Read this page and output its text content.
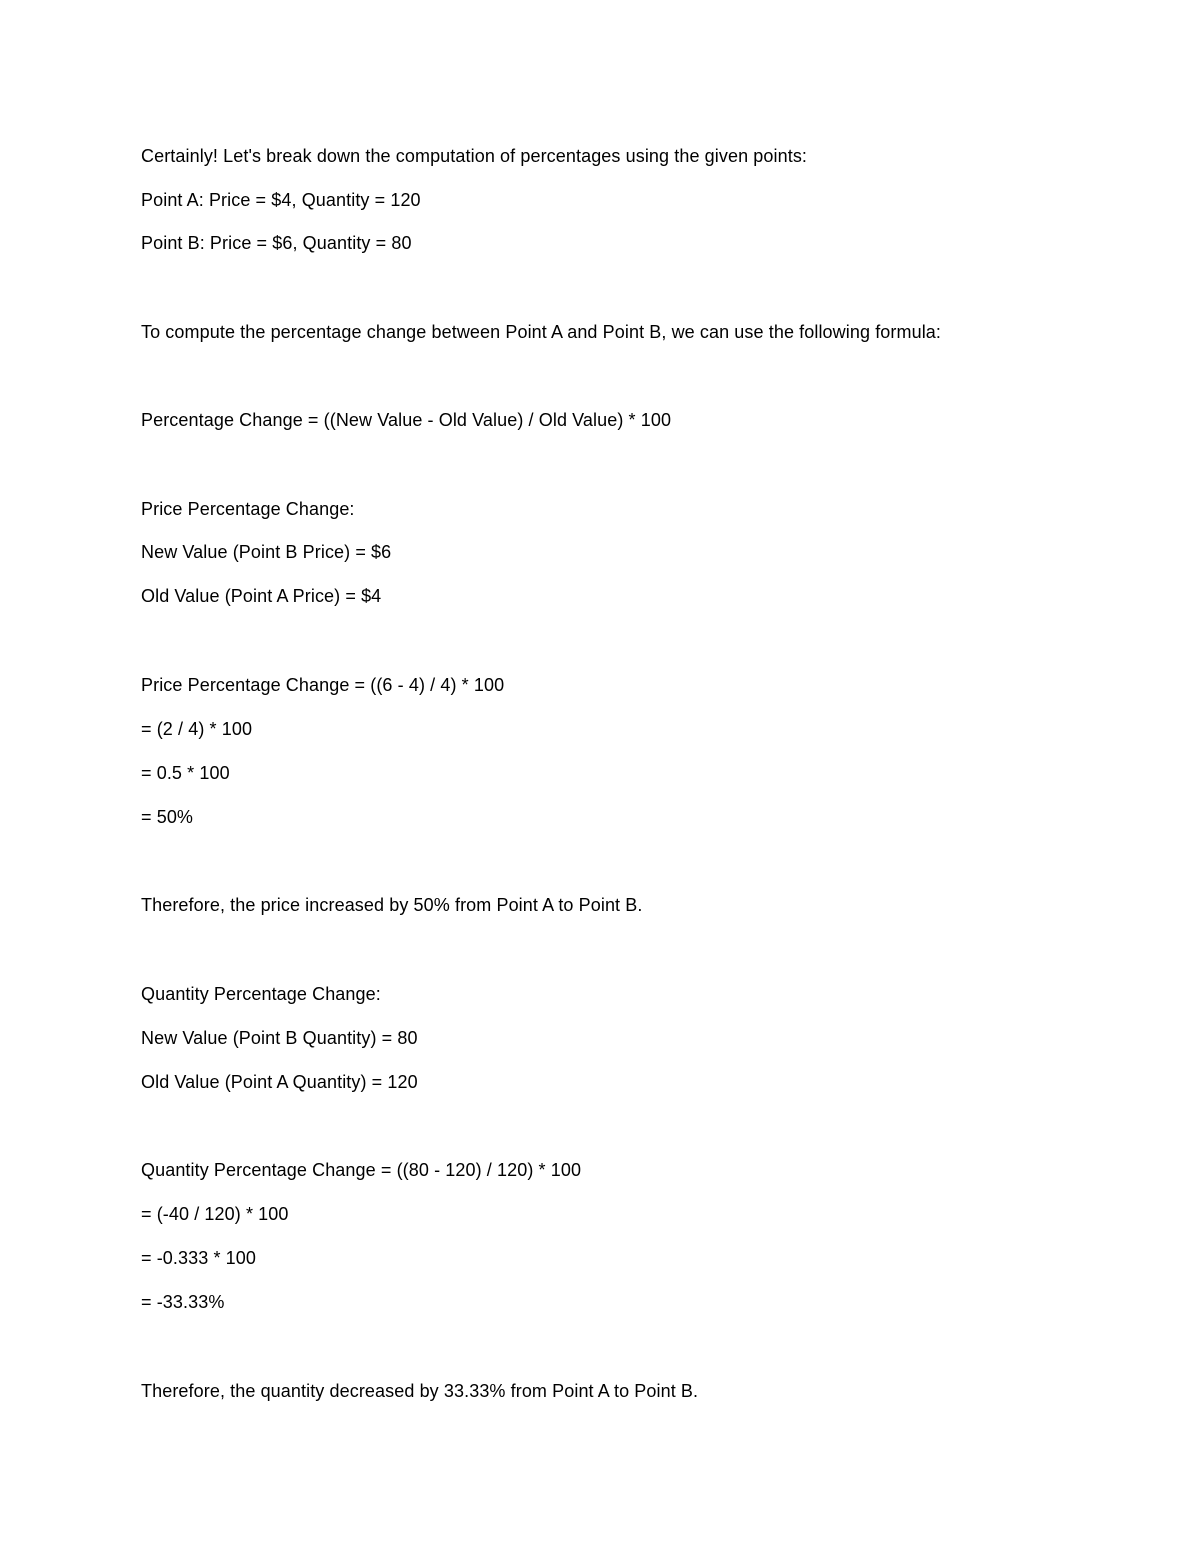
Certainly! Let's break down the computation of percentages using the given points:
Point A: Price = $4, Quantity = 120
Point B: Price = $6, Quantity = 80
To compute the percentage change between Point A and Point B, we can use the following formula:
Percentage Change = ((New Value - Old Value) / Old Value) * 100
Price Percentage Change:
New Value (Point B Price) = $6
Old Value (Point A Price) = $4
Price Percentage Change = ((6 - 4) / 4) * 100
= (2 / 4) * 100
= 0.5 * 100
= 50%
Therefore, the price increased by 50% from Point A to Point B.
Quantity Percentage Change:
New Value (Point B Quantity) = 80
Old Value (Point A Quantity) = 120
Quantity Percentage Change = ((80 - 120) / 120) * 100
= (-40 / 120) * 100
= -0.333 * 100
= -33.33%
Therefore, the quantity decreased by 33.33% from Point A to Point B.
